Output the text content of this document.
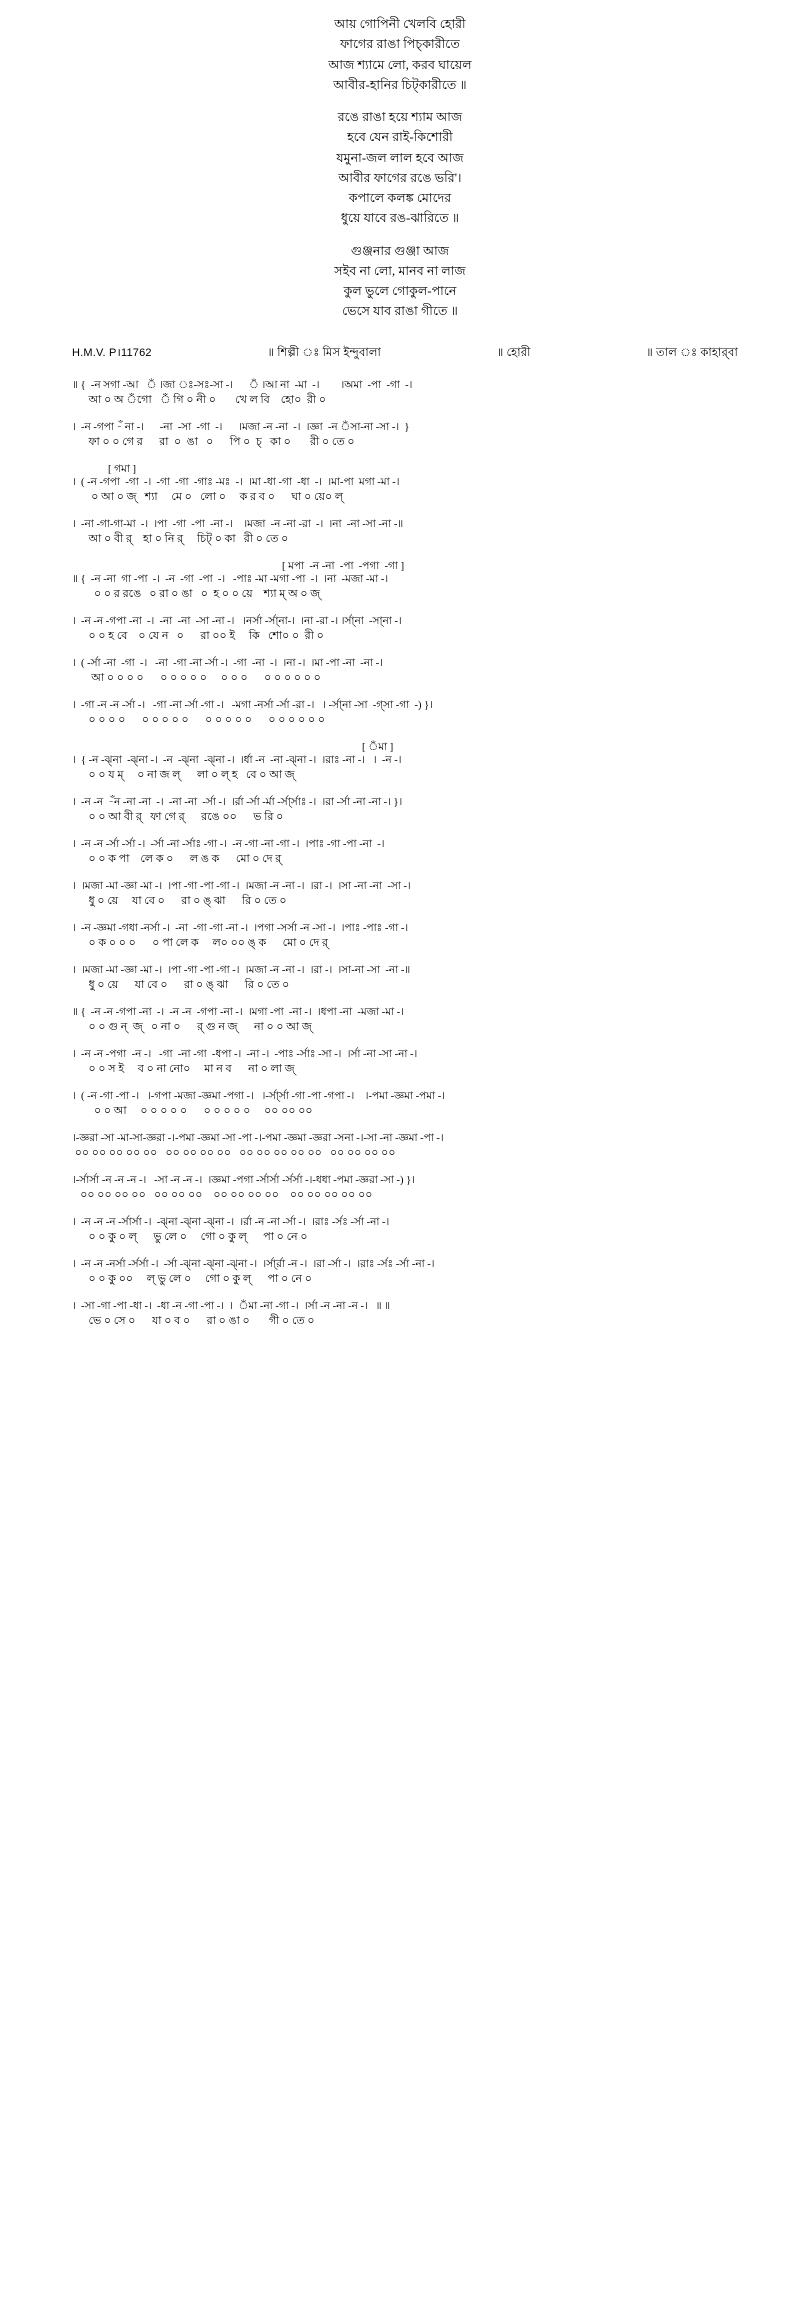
আয় গোপিনী খেলবি হোরী
ফাগের রাঙা পিচ্‌কারীতে
আজ শ্যামে লো, করব ঘায়েল
আবীর-হানির চিট্‌কারীতে ॥
রঙে রাঙা হয়ে শ্যাম আজ
হবে যেন রাই-কিশোরী
যমুনা-জল লাল হবে আজ
আবীর ফাগের রঙে ভরি'।
কপালে কলঙ্ক মোদের
ধুয়ে যাবে রঙ-ঝারিতে ॥
গুঞ্জনার গুঞ্জা আজ
সইব না লো, মানব না লাজ
কুল ভুলে গোকুল-পানে
ভেসে যাব রাঙা গীতে ॥
H.M.V. P।11762	॥ শিল্পী ঃ মিস ইন্দুবালা	॥ হোরী	॥ তাল ঃ কাহার্‌বা
॥ {  -ন সগা -আ   ‍ঁ ।জা ঃ-সঃ-সা -।      ‍ঁ ।আ না  -মা  -।        ।অমা  -পা  -গা  -।
আ ০ অ ‍ঁগো   ‍ঁ গি ০ নী ০       খে ল বি    হো০  রী ০
।  -ন -গপা -‍ঁ না -।      -না  -সা  -গা  -।      ।মজা -ন -না  -।  ।জ্ঞা  -ন ‍ঁসা-না -সা -।  }
ফা ০ ০ গে র      রা  ০  ঙা   ০      পি ০  চ্   কা ০       রী ০ তে ০
[ গমা ]
।  ( -ন -গপা  -গা  -।  -গা  -গা  -গাঃ -মঃ  -।  ।মা -ধা -গা  -ধা  -।  ।মা-পা  মগা -মা -।
০ আ ০ জ্   শ্যা     মে ০   লো ০     ক র ব ০      ঘা ০ য়ে০ ল্
।  -না -গা-গা-মা  -।  ।পা  -গা  -পা  -না -।    ।মজা  -ন -না -রা  -।  ।না  -না -সা -না -॥
আ ০ বী র্    হা ০ নি র্     চিট্ ০ কা   রী ০ তে ০
[ মপা  -ন -না  -পা  -পগা  -গা ]
॥ {  -ন -না  গা -পা  -।  -ন  -গা  -পা  -।   -পাঃ -মা -মগা -পা  -।  ।না  -মজা -মা -।
০ ০ র রঙে   ০ রা ০ ঙা   ০  হ ০ ০ য়ে    শ্যা ম্ অ ০ জ্
।  -ন -ন -গপা -না  -।  -না  -না  -সা -না -।   ।নর্সা -র্সা্না-।  ।না -রা -। ।র্সা্না  -সা্না -।
০ ০ হ বে    ০ যে ন   ০      রা ০০ ই     কি   শো০ ০  রী ০
।  ( -র্সা -না  -গা  -।   -না  -গা -না -র্সা -।  -গা  -না  -।  ।না -।  ।মা -পা -না  -না -।
আ ০ ০ ০ ০      ০ ০ ০ ০ ০     ০ ০ ০      ০ ০ ০ ০ ০ ০
।  -গা -ন -ন -র্সা -।   -গা -না -র্সা -গা -।   -মগা -নর্সা -র্সা -রা -।   । -র্সা্না -সা  -গ্সা -গা  -) }।
০ ০ ০ ০      ০ ০ ০ ০ ০      ০ ০ ০ ০ ০      ০ ০ ০ ০ ০ ০
[ ‍ঁমা ]
।  { -ন -ঝ্না  -ঝ্না -।  -ন  -ঝ্না  -ঝ্না -।  ।র্ধা -ন  -না -ঝ্না -।  ।রাঃ -না -।   ।  -ন -।
০ ০ য ম্     ০ না জ ল্      লা ০ ল্ হ   বে ০ আ জ্
।  -ন -ন  -‍ঁন -না -না  -।  -না -না  -র্সা -।  ।র্রা -র্সা -র্মা -র্সা্র্সাঃ -।  ।রা -র্সা -না -না -। }।
০ ০ আ বী র্   ফা গে র্      রঙে ০০      ভ রি ০
।  -ন -ন -র্সা -র্সা -।  -র্সা -না -র্সাঃ -গা -।  -ন -গা -না -গা -।  ।পাঃ -গা -পা -না  -।
০ ০ ক পা    লে ক ০      ল ঙ ক      মো ০ দে র্
।  ।মজা -মা -জ্ঞা -মা -।  ।পা -গা -পা -গা -।  ।মজা -ন -না -।  ।রা -।  ।সা -না -না  -সা -।
ধু ০ য়ে     যা বে ০      রা ০ ঙ্ ঝা      রি ০ তে ০
।  -ন -জ্ঞমা -গধা -নর্সা -।  -না  -গা -গা -না -।  ।পগা -সর্সা -ন -সা -।  ।পাঃ -পাঃ -গা -।
০ ক ০ ০ ০      ০ পা লে ক     ল০ ০০ ঙ্ ক      মো ০ দে র্
।  ।মজা -মা -জ্ঞা -মা -।  ।পা -গা -পা -গা -।  ।মজা -ন -না -।  ।রা -।  ।সা-না -সা  -না -॥
ধু ০ য়ে      যা বে ০      রা ০ ঙ্ ঝা      রি ০ তে ০
॥ {  -ন -ন -গপা -না  -।  -ন -ন  -গপা -না -।  ।মগা -পা  -না -।  ।ধপা -না  -মজা -মা -।
০ ০ গু ন্  জ্   ০ না ০      র্ গু ন জ্      না ০ ০ আ জ্
।  -ন -ন -পগা  -ন -।   -গা  -না -গা  -ধপা -।  -না -।  -পাঃ -র্সাঃ -সা -।  ।র্সা -না -সা -না -।
০ ০ স ই     ব ০ না নো০     মা ন ব      না ০ লা জ্
।  ( -ন -গা -পা -।   ।-গপা -মজা -জ্ঞমা -পগা -।   ।-র্সা্র্সা -গা -পা -গপা -।    ।-পমা -জ্ঞমা -পমা -।
০ ০ আ     ০ ০ ০ ০ ০      ০ ০ ০ ০ ০     ০০ ০০ ০০
।-জ্ঞরা -সা -মা-সা-জ্ঞরা -।-পমা -জ্ঞমা -সা -পা -।-পমা -জ্ঞমা -জ্ঞরা -সনা -।-সা -না -জ্ঞমা -পা -।
০০ ০০ ০০ ০০ ০০   ০০ ০০ ০০ ০০   ০০ ০০ ০০ ০০ ০০   ০০ ০০ ০০ ০০
।-র্সার্সা -ন -ন -ন -।   -সা -ন -ন -।  ।জ্ঞমা -পগা -র্সার্সা -র্সর্সা -।-ধধা -পমা -জ্ঞরা -সা -) }।
০০ ০০ ০০ ০০   ০০ ০০ ০০    ০০ ০০ ০০ ০০    ০০ ০০ ০০ ০০ ০০
।  -ন -ন -ন -র্সার্সা -।  -ঝ্না -ঝ্না -ঝ্না -।  ।র্রা -ন -না -র্সা -।  ।রাঃ -র্সঃ -র্সা -না -।
০ ০ কু ০ ল্      ভু লে ০     গো ০ কু ল্      পা ০ নে ০
।  -ন -ন -নর্সা -র্সর্সা -।  -র্সা -ঝ্না -ঝ্না -ঝ্না -।  ।র্সা্র্রা -ন -।  ।রা -র্সা -।  ।রাঃ -র্সঃ -র্সা -না -।
০ ০ কু ০০     ল্ ভু লে ০     গো ০ কু ল্      পা ০ নে ০
।  -সা -গা -পা -ধা -।  -ধা -ন -গা -পা -।  ।  ‍ঁমা -না -গা -।  ।র্সা -ন -না -ন -।   ॥ ॥
ভে ০ সে ০      যা ০ ব ০      রা ০ ঙা ০       গী ০ তে ০
